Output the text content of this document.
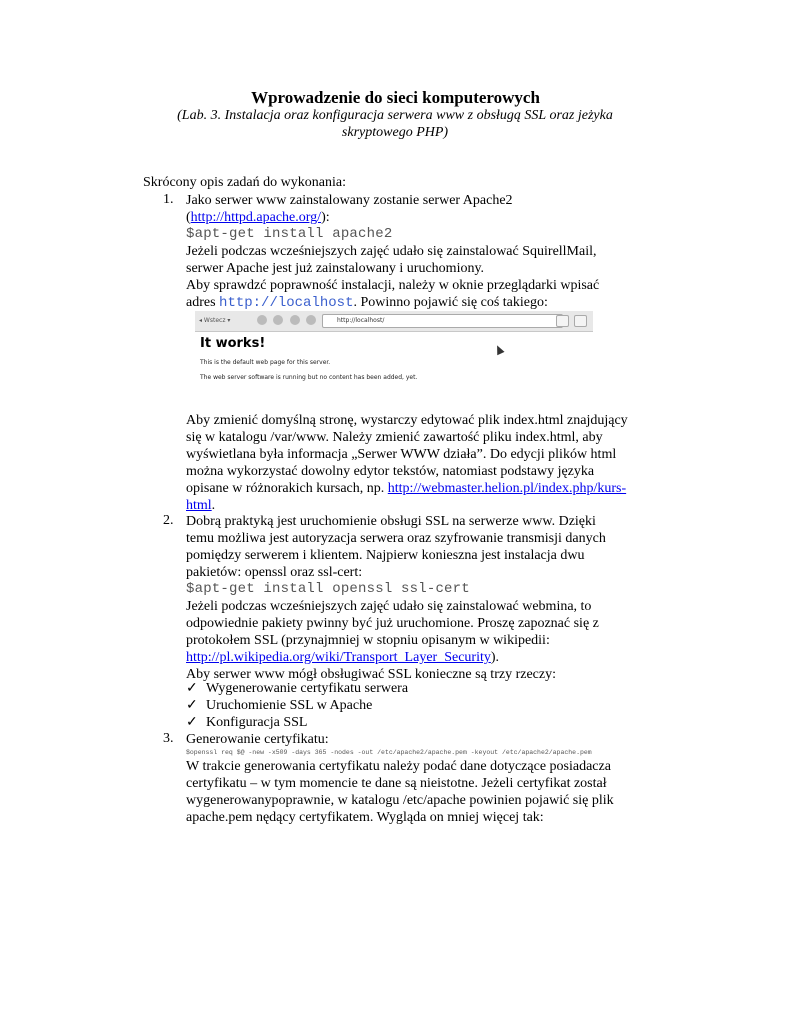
Wprowadzenie do sieci komputerowych
(Lab. 3. Instalacja oraz konfiguracja serwera www z obsługą SSL oraz jeżyka
skryptowego PHP)
Skrócony opis zadań do wykonania:
1. Jako serwer www zainstalowany zostanie serwer Apache2
(http://httpd.apache.org/):
$apt-get install apache2
Jeżeli podczas wcześniejszych zajęć udało się zainstalować SquirellMail,
serwer Apache jest już zainstalowany i uruchomiony.
Aby sprawdzć poprawność instalacji, należy w oknie przeglądarki wpisać
adres http://localhost. Powinno pojawić się coś takiego:
◂ Wstecz ▾	http://localhost/
It works!
This is the default web page for this server.
The web server software is running but no content has been added, yet.
Aby zmienić domyślną stronę, wystarczy edytować plik index.html znajdujący
się w katalogu /var/www. Należy zmienić zawartość pliku index.html, aby
wyświetlana była informacja „Serwer WWW działa”. Do edycji plików html
można wykorzystać dowolny edytor tekstów, natomiast podstawy języka
opisane w różnorakich kursach, np. http://webmaster.helion.pl/index.php/kurs-
html.
2. Dobrą praktyką jest uruchomienie obsługi SSL na serwerze www. Dzięki
temu możliwa jest autoryzacja serwera oraz szyfrowanie transmisji danych
pomiędzy serwerem i klientem. Najpierw konieszna jest instalacja dwu
pakietów: openssl oraz ssl-cert:
$apt-get install openssl ssl-cert
Jeżeli podczas wcześniejszych zajęć udało się zainstalować webmina, to
odpowiednie pakiety pwinny być już uruchomione. Proszę zapoznać się z
protokołem SSL (przynajmniej w stopniu opisanym w wikipedii:
http://pl.wikipedia.org/wiki/Transport_Layer_Security).
Aby serwer www mógł obsługiwać SSL konieczne są trzy rzeczy:
✓ Wygenerowanie certyfikatu serwera
✓ Uruchomienie SSL w Apache
✓ Konfiguracja SSL
3. Generowanie certyfikatu:
$openssl req $@ -new -x509 -days 365 -nodes -out /etc/apache2/apache.pem -keyout /etc/apache2/apache.pem
W trakcie generowania certyfikatu należy podać dane dotyczące posiadacza
certyfikatu – w tym momencie te dane są nieistotne. Jeżeli certyfikat został
wygenerowanypoprawnie, w katalogu /etc/apache powinien pojawić się plik
apache.pem nędący certyfikatem. Wygląda on mniej więcej tak:
